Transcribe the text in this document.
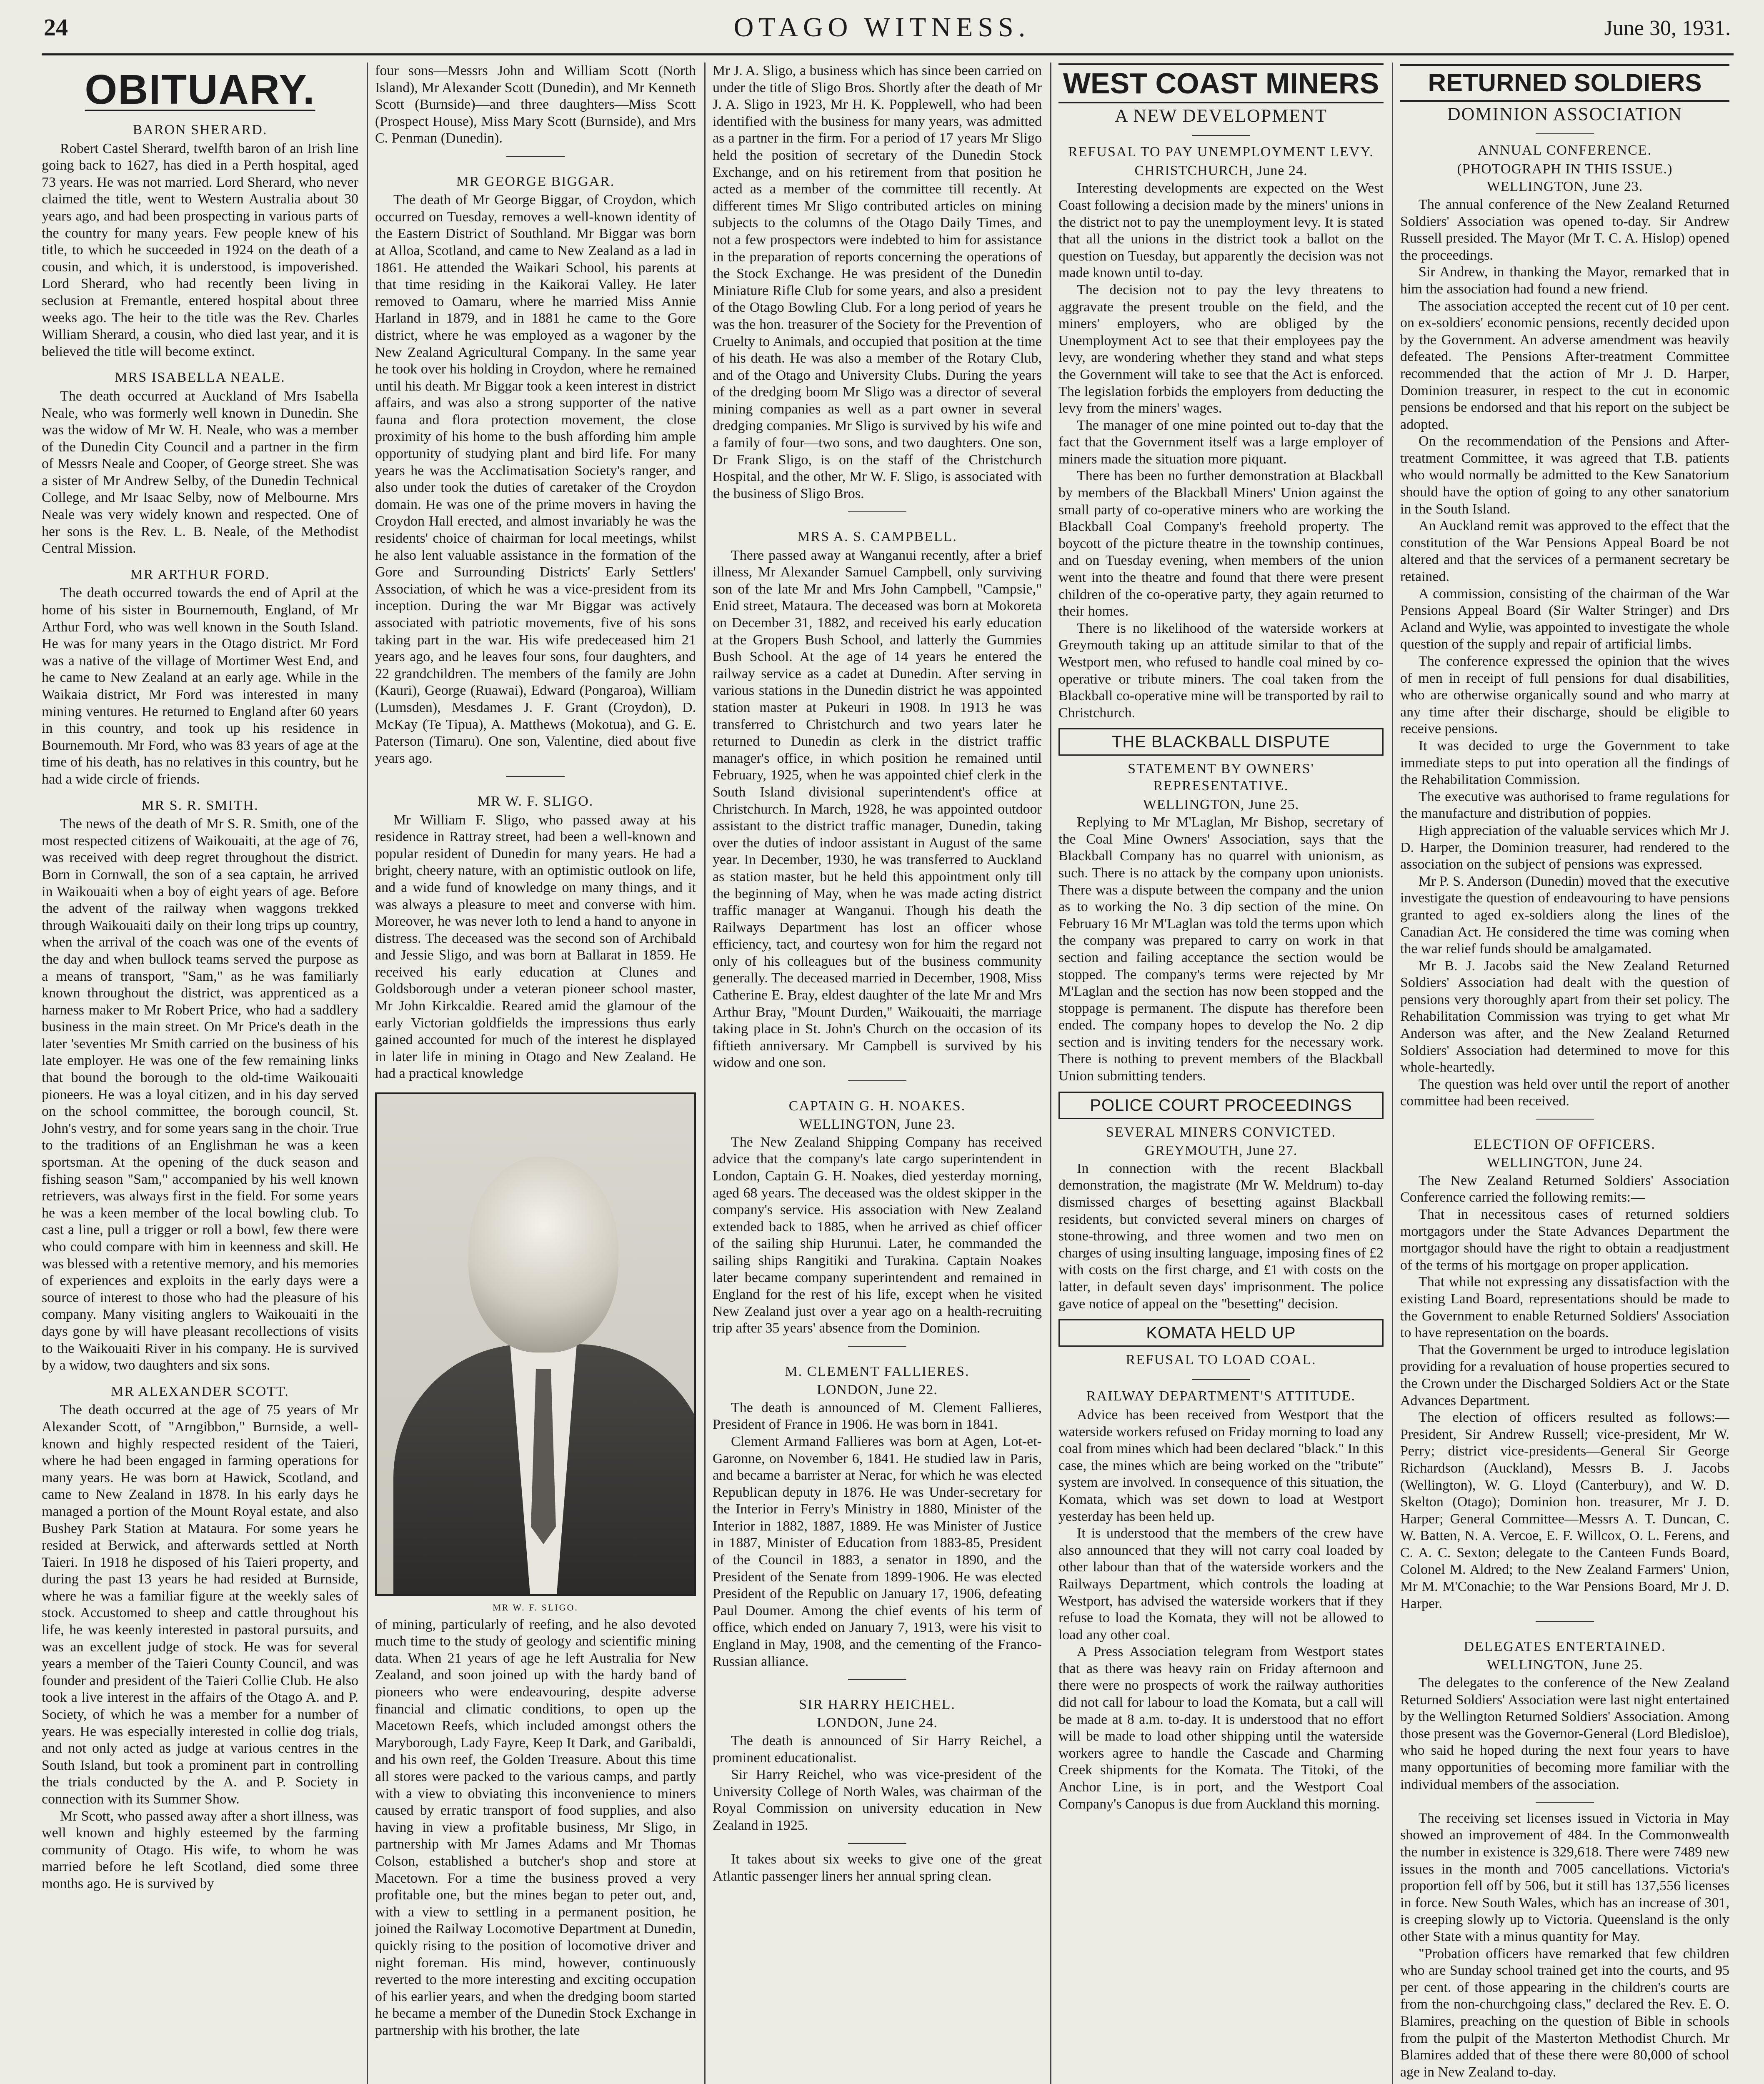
24	OTAGO WITNESS.	June 30, 1931.
OBITUARY.
BARON SHERARD.

Robert Castel Sherard, twelfth baron of an Irish line going back to 1627, has died in a Perth hospital, aged 73 years. He was not married. Lord Sherard, who never claimed the title, went to Western Australia about 30 years ago, and had been prospecting in various parts of the country for many years. Few people knew of his title, to which he succeeded in 1924 on the death of a cousin, and which, it is understood, is impoverished. Lord Sherard, who had recently been living in seclusion at Fremantle, entered hospital about three weeks ago. The heir to the title was the Rev. Charles William Sherard, a cousin, who died last year, and it is believed the title will become extinct.

MRS ISABELLA NEALE.

The death occurred at Auckland of Mrs Isabella Neale, who was formerly well known in Dunedin. She was the widow of Mr W. H. Neale, who was a member of the Dunedin City Council and a partner in the firm of Messrs Neale and Cooper, of George street. She was a sister of Mr Andrew Selby, of the Dunedin Technical College, and Mr Isaac Selby, now of Melbourne. Mrs Neale was very widely known and respected. One of her sons is the Rev. L. B. Neale, of the Methodist Central Mission.

MR ARTHUR FORD.

The death occurred towards the end of April at the home of his sister in Bournemouth, England, of Mr Arthur Ford, who was well known in the South Island. He was for many years in the Otago district. Mr Ford was a native of the village of Mortimer West End, and he came to New Zealand at an early age. While in the Waikaia district, Mr Ford was interested in many mining ventures. He returned to England after 60 years in this country, and took up his residence in Bournemouth. Mr Ford, who was 83 years of age at the time of his death, has no relatives in this country, but he had a wide circle of friends.

MR S. R. SMITH.

The news of the death of Mr S. R. Smith, one of the most respected citizens of Waikouaiti, at the age of 76, was received with deep regret throughout the district. Born in Cornwall, the son of a sea captain, he arrived in Waikouaiti when a boy of eight years of age. Before the advent of the railway when waggons trekked through Waikouaiti daily on their long trips up country, when the arrival of the coach was one of the events of the day and when bullock teams served the purpose as a means of transport, "Sam," as he was familiarly known throughout the district, was apprenticed as a harness maker to Mr Robert Price, who had a saddlery business in the main street. On Mr Price's death in the later 'seventies Mr Smith carried on the business of his late employer. He was one of the few remaining links that bound the borough to the old-time Waikouaiti pioneers. He was a loyal citizen, and in his day served on the school committee, the borough council, St. John's vestry, and for some years sang in the choir. True to the traditions of an Englishman he was a keen sportsman. At the opening of the duck season and fishing season "Sam," accompanied by his well known retrievers, was always first in the field. For some years he was a keen member of the local bowling club. To cast a line, pull a trigger or roll a bowl, few there were who could compare with him in keenness and skill. He was blessed with a retentive memory, and his memories of experiences and exploits in the early days were a source of interest to those who had the pleasure of his company. Many visiting anglers to Waikouaiti in the days gone by will have pleasant recollections of visits to the Waikouaiti River in his company. He is survived by a widow, two daughters and six sons.

MR ALEXANDER SCOTT.

The death occurred at the age of 75 years of Mr Alexander Scott, of "Arngibbon," Burnside, a well-known and highly respected resident of the Taieri, where he had been engaged in farming operations for many years. He was born at Hawick, Scotland, and came to New Zealand in 1878. In his early days he managed a portion of the Mount Royal estate, and also Bushey Park Station at Mataura. For some years he resided at Berwick, and afterwards settled at North Taieri. In 1918 he disposed of his Taieri property, and during the past 13 years he had resided at Burnside, where he was a familiar figure at the weekly sales of stock. Accustomed to sheep and cattle throughout his life, he was keenly interested in pastoral pursuits, and was an excellent judge of stock. He was for several years a member of the Taieri County Council, and was founder and president of the Taieri Collie Club. He also took a live interest in the affairs of the Otago A. and P. Society, of which he was a member for a number of years. He was especially interested in collie dog trials, and not only acted as judge at various centres in the South Island, but took a prominent part in controlling the trials conducted by the A. and P. Society in connection with its Summer Show.

Mr Scott, who passed away after a short illness, was well known and highly esteemed by the farming community of Otago. His wife, to whom he was married before he left Scotland, died some three months ago. He is survived by

four sons—Messrs John and William Scott (North Island), Mr Alexander Scott (Dunedin), and Mr Kenneth Scott (Burnside)—and three daughters—Miss Scott (Prospect House), Miss Mary Scott (Burnside), and Mrs C. Penman (Dunedin).

MR GEORGE BIGGAR.

The death of Mr George Biggar, of Croydon, which occurred on Tuesday, removes a well-known identity of the Eastern District of Southland. Mr Biggar was born at Alloa, Scotland, and came to New Zealand as a lad in 1861. He attended the Waikari School, his parents at that time residing in the Kaikorai Valley. He later removed to Oamaru, where he married Miss Annie Harland in 1879, and in 1881 he came to the Gore district, where he was employed as a wagoner by the New Zealand Agricultural Company. In the same year he took over his holding in Croydon, where he remained until his death. Mr Biggar took a keen interest in district affairs, and was also a strong supporter of the native fauna and flora protection movement, the close proximity of his home to the bush affording him ample opportunity of studying plant and bird life. For many years he was the Acclimatisation Society's ranger, and also under took the duties of caretaker of the Croydon domain. He was one of the prime movers in having the Croydon Hall erected, and almost invariably he was the residents' choice of chairman for local meetings, whilst he also lent valuable assistance in the formation of the Gore and Surrounding Districts' Early Settlers' Association, of which he was a vice-president from its inception. During the war Mr Biggar was actively associated with patriotic movements, five of his sons taking part in the war. His wife predeceased him 21 years ago, and he leaves four sons, four daughters, and 22 grandchildren. The members of the family are John (Kauri), George (Ruawai), Edward (Pongaroa), William (Lumsden), Mesdames J. F. Grant (Croydon), D. McKay (Te Tipua), A. Matthews (Mokotua), and G. E. Paterson (Timaru). One son, Valentine, died about five years ago.

MR W. F. SLIGO.

Mr William F. Sligo, who passed away at his residence in Rattray street, had been a well-known and popular resident of Dunedin for many years. He had a bright, cheery nature, with an optimistic outlook on life, and a wide fund of knowledge on many things, and it was always a pleasure to meet and converse with him. Moreover, he was never loth to lend a hand to anyone in distress. The deceased was the second son of Archibald and Jessie Sligo, and was born at Ballarat in 1859. He received his early education at Clunes and Goldsborough under a veteran pioneer school master, Mr John Kirkcaldie. Reared amid the glamour of the early Victorian goldfields the impressions thus early gained accounted for much of the interest he displayed in later life in mining in Otago and New Zealand. He had a practical knowledge

MR W. F. SLIGO.

of mining, particularly of reefing, and he also devoted much time to the study of geology and scientific mining data. When 21 years of age he left Australia for New Zealand, and soon joined up with the hardy band of pioneers who were endeavouring, despite adverse financial and climatic conditions, to open up the Macetown Reefs, which included amongst others the Maryborough, Lady Fayre, Keep It Dark, and Garibaldi, and his own reef, the Golden Treasure. About this time all stores were packed to the various camps, and partly with a view to obviating this inconvenience to miners caused by erratic transport of food supplies, and also having in view a profitable business, Mr Sligo, in partnership with Mr James Adams and Mr Thomas Colson, established a butcher's shop and store at Macetown. For a time the business proved a very profitable one, but the mines began to peter out, and, with a view to settling in a permanent position, he joined the Railway Locomotive Department at Dunedin, quickly rising to the position of locomotive driver and night foreman. His mind, however, continuously reverted to the more interesting and exciting occupation of his earlier years, and when the dredging boom started he became a member of the Dunedin Stock Exchange in partnership with his brother, the late

Mr J. A. Sligo, a business which has since been carried on under the title of Sligo Bros. Shortly after the death of Mr J. A. Sligo in 1923, Mr H. K. Popplewell, who had been identified with the business for many years, was admitted as a partner in the firm. For a period of 17 years Mr Sligo held the position of secretary of the Dunedin Stock Exchange, and on his retirement from that position he acted as a member of the committee till recently. At different times Mr Sligo contributed articles on mining subjects to the columns of the Otago Daily Times, and not a few prospectors were indebted to him for assistance in the preparation of reports concerning the operations of the Stock Exchange. He was president of the Dunedin Miniature Rifle Club for some years, and also a president of the Otago Bowling Club. For a long period of years he was the hon. treasurer of the Society for the Prevention of Cruelty to Animals, and occupied that position at the time of his death. He was also a member of the Rotary Club, and of the Otago and University Clubs. During the years of the dredging boom Mr Sligo was a director of several mining companies as well as a part owner in several dredging companies. Mr Sligo is survived by his wife and a family of four—two sons, and two daughters. One son, Dr Frank Sligo, is on the staff of the Christchurch Hospital, and the other, Mr W. F. Sligo, is associated with the business of Sligo Bros.

MRS A. S. CAMPBELL.

There passed away at Wanganui recently, after a brief illness, Mr Alexander Samuel Campbell, only surviving son of the late Mr and Mrs John Campbell, "Campsie," Enid street, Mataura. The deceased was born at Mokoreta on December 31, 1882, and received his early education at the Gropers Bush School, and latterly the Gummies Bush School. At the age of 14 years he entered the railway service as a cadet at Dunedin. After serving in various stations in the Dunedin district he was appointed station master at Pukeuri in 1908. In 1913 he was transferred to Christchurch and two years later he returned to Dunedin as clerk in the district traffic manager's office, in which position he remained until February, 1925, when he was appointed chief clerk in the South Island divisional superintendent's office at Christchurch. In March, 1928, he was appointed outdoor assistant to the district traffic manager, Dunedin, taking over the duties of indoor assistant in August of the same year. In December, 1930, he was transferred to Auckland as station master, but he held this appointment only till the beginning of May, when he was made acting district traffic manager at Wanganui. Though his death the Railways Department has lost an officer whose efficiency, tact, and courtesy won for him the regard not only of his colleagues but of the business community generally. The deceased married in December, 1908, Miss Catherine E. Bray, eldest daughter of the late Mr and Mrs Arthur Bray, "Mount Durden," Waikouaiti, the marriage taking place in St. John's Church on the occasion of its fiftieth anniversary. Mr Campbell is survived by his widow and one son.

CAPTAIN G. H. NOAKES.
WELLINGTON, June 23.

The New Zealand Shipping Company has received advice that the company's late cargo superintendent in London, Captain G. H. Noakes, died yesterday morning, aged 68 years. The deceased was the oldest skipper in the company's service. His association with New Zealand extended back to 1885, when he arrived as chief officer of the sailing ship Hurunui. Later, he commanded the sailing ships Rangitiki and Turakina. Captain Noakes later became company superintendent and remained in England for the rest of his life, except when he visited New Zealand just over a year ago on a health-recruiting trip after 35 years' absence from the Dominion.

M. CLEMENT FALLIERES.
LONDON, June 22.

The death is announced of M. Clement Fallieres, President of France in 1906. He was born in 1841.

Clement Armand Fallieres was born at Agen, Lot-et-Garonne, on November 6, 1841. He studied law in Paris, and became a barrister at Nerac, for which he was elected Republican deputy in 1876. He was Under-secretary for the Interior in Ferry's Ministry in 1880, Minister of the Interior in 1882, 1887, 1889. He was Minister of Justice in 1887, Minister of Education from 1883-85, President of the Council in 1883, a senator in 1890, and the President of the Senate from 1899-1906. He was elected President of the Republic on January 17, 1906, defeating Paul Doumer. Among the chief events of his term of office, which ended on January 7, 1913, were his visit to England in May, 1908, and the cementing of the Franco-Russian alliance.

SIR HARRY HEICHEL.
LONDON, June 24.

The death is announced of Sir Harry Reichel, a prominent educationalist.

Sir Harry Reichel, who was vice-president of the University College of North Wales, was chairman of the Royal Commission on university education in New Zealand in 1925.

It takes about six weeks to give one of the great Atlantic passenger liners her annual spring clean.

WEST COAST MINERS
A NEW DEVELOPMENT
REFUSAL TO PAY UNEMPLOYMENT LEVY.
CHRISTCHURCH, June 24.

Interesting developments are expected on the West Coast following a decision made by the miners' unions in the district not to pay the unemployment levy. It is stated that all the unions in the district took a ballot on the question on Tuesday, but apparently the decision was not made known until to-day.

The decision not to pay the levy threatens to aggravate the present trouble on the field, and the miners' employers, who are obliged by the Unemployment Act to see that their employees pay the levy, are wondering whether they stand and what steps the Government will take to see that the Act is enforced. The legislation forbids the employers from deducting the levy from the miners' wages.

The manager of one mine pointed out to-day that the fact that the Government itself was a large employer of miners made the situation more piquant.

There has been no further demonstration at Blackball by members of the Blackball Miners' Union against the small party of co-operative miners who are working the Blackball Coal Company's freehold property. The boycott of the picture theatre in the township continues, and on Tuesday evening, when members of the union went into the theatre and found that there were present children of the co-operative party, they again returned to their homes.

There is no likelihood of the waterside workers at Greymouth taking up an attitude similar to that of the Westport men, who refused to handle coal mined by co-operative or tribute miners. The coal taken from the Blackball co-operative mine will be transported by rail to Christchurch.

THE BLACKBALL DISPUTE
STATEMENT BY OWNERS' REPRESENTATIVE.
WELLINGTON, June 25.

Replying to Mr M'Laglan, Mr Bishop, secretary of the Coal Mine Owners' Association, says that the Blackball Company has no quarrel with unionism, as such. There is no attack by the company upon unionists. There was a dispute between the company and the union as to working the No. 3 dip section of the mine. On February 16 Mr M'Laglan was told the terms upon which the company was prepared to carry on work in that section and failing acceptance the section would be stopped. The company's terms were rejected by Mr M'Laglan and the section has now been stopped and the stoppage is permanent. The dispute has therefore been ended. The company hopes to develop the No. 2 dip section and is inviting tenders for the necessary work. There is nothing to prevent members of the Blackball Union submitting tenders.

POLICE COURT PROCEEDINGS
SEVERAL MINERS CONVICTED.
GREYMOUTH, June 27.

In connection with the recent Blackball demonstration, the magistrate (Mr W. Meldrum) to-day dismissed charges of besetting against Blackball residents, but convicted several miners on charges of stone-throwing, and three women and two men on charges of using insulting language, imposing fines of £2 with costs on the first charge, and £1 with costs on the latter, in default seven days' imprisonment. The police gave notice of appeal on the "besetting" decision.

KOMATA HELD UP
REFUSAL TO LOAD COAL.
RAILWAY DEPARTMENT'S ATTITUDE.

Advice has been received from Westport that the waterside workers refused on Friday morning to load any coal from mines which had been declared "black." In this case, the mines which are being worked on the "tribute" system are involved. In consequence of this situation, the Komata, which was set down to load at Westport yesterday has been held up.

It is understood that the members of the crew have also announced that they will not carry coal loaded by other labour than that of the waterside workers and the Railways Department, which controls the loading at Westport, has advised the waterside workers that if they refuse to load the Komata, they will not be allowed to load any other coal.

A Press Association telegram from Westport states that as there was heavy rain on Friday afternoon and there were no prospects of work the railway authorities did not call for labour to load the Komata, but a call will be made at 8 a.m. to-day. It is understood that no effort will be made to load other shipping until the waterside workers agree to handle the Cascade and Charming Creek shipments for the Komata. The Titoki, of the Anchor Line, is in port, and the Westport Coal Company's Canopus is due from Auckland this morning.

RETURNED SOLDIERS
DOMINION ASSOCIATION
ANNUAL CONFERENCE.
(PHOTOGRAPH IN THIS ISSUE.)
WELLINGTON, June 23.

The annual conference of the New Zealand Returned Soldiers' Association was opened to-day. Sir Andrew Russell presided. The Mayor (Mr T. C. A. Hislop) opened the proceedings.

Sir Andrew, in thanking the Mayor, remarked that in him the association had found a new friend.

The association accepted the recent cut of 10 per cent. on ex-soldiers' economic pensions, recently decided upon by the Government. An adverse amendment was heavily defeated. The Pensions After-treatment Committee recommended that the action of Mr J. D. Harper, Dominion treasurer, in respect to the cut in economic pensions be endorsed and that his report on the subject be adopted.

On the recommendation of the Pensions and After-treatment Committee, it was agreed that T.B. patients who would normally be admitted to the Kew Sanatorium should have the option of going to any other sanatorium in the South Island.

An Auckland remit was approved to the effect that the constitution of the War Pensions Appeal Board be not altered and that the services of a permanent secretary be retained.

A commission, consisting of the chairman of the War Pensions Appeal Board (Sir Walter Stringer) and Drs Acland and Wylie, was appointed to investigate the whole question of the supply and repair of artificial limbs.

The conference expressed the opinion that the wives of men in receipt of full pensions for dual disabilities, who are otherwise organically sound and who marry at any time after their discharge, should be eligible to receive pensions.

It was decided to urge the Government to take immediate steps to put into operation all the findings of the Rehabilitation Commission.

The executive was authorised to frame regulations for the manufacture and distribution of poppies.

High appreciation of the valuable services which Mr J. D. Harper, the Dominion treasurer, had rendered to the association on the subject of pensions was expressed.

Mr P. S. Anderson (Dunedin) moved that the executive investigate the question of endeavouring to have pensions granted to aged ex-soldiers along the lines of the Canadian Act. He considered the time was coming when the war relief funds should be amalgamated.

Mr B. J. Jacobs said the New Zealand Returned Soldiers' Association had dealt with the question of pensions very thoroughly apart from their set policy. The Rehabilitation Commission was trying to get what Mr Anderson was after, and the New Zealand Returned Soldiers' Association had determined to move for this whole-heartedly.

The question was held over until the report of another committee had been received.

ELECTION OF OFFICERS.
WELLINGTON, June 24.

The New Zealand Returned Soldiers' Association Conference carried the following remits:—

That in necessitous cases of returned soldiers mortgagors under the State Advances Department the mortgagor should have the right to obtain a readjustment of the terms of his mortgage on proper application.

That while not expressing any dissatisfaction with the existing Land Board, representations should be made to the Government to enable Returned Soldiers' Association to have representation on the boards.

That the Government be urged to introduce legislation providing for a revaluation of house properties secured to the Crown under the Discharged Soldiers Act or the State Advances Department.

The election of officers resulted as follows:—President, Sir Andrew Russell; vice-president, Mr W. Perry; district vice-presidents—General Sir George Richardson (Auckland), Messrs B. J. Jacobs (Wellington), W. G. Lloyd (Canterbury), and W. D. Skelton (Otago); Dominion hon. treasurer, Mr J. D. Harper; General Committee—Messrs A. T. Duncan, C. W. Batten, N. A. Vercoe, E. F. Willcox, O. L. Ferens, and C. A. C. Sexton; delegate to the Canteen Funds Board, Colonel M. Aldred; to the New Zealand Farmers' Union, Mr M. M'Conachie; to the War Pensions Board, Mr J. D. Harper.

DELEGATES ENTERTAINED.
WELLINGTON, June 25.

The delegates to the conference of the New Zealand Returned Soldiers' Association were last night entertained by the Wellington Returned Soldiers' Association. Among those present was the Governor-General (Lord Bledisloe), who said he hoped during the next four years to have many opportunities of becoming more familiar with the individual members of the association.

The receiving set licenses issued in Victoria in May showed an improvement of 484. In the Commonwealth the number in existence is 329,618. There were 7489 new issues in the month and 7005 cancellations. Victoria's proportion fell off by 506, but it still has 137,556 licenses in force. New South Wales, which has an increase of 301, is creeping slowly up to Victoria. Queensland is the only other State with a minus quantity for May.

"Probation officers have remarked that few children who are Sunday school trained get into the courts, and 95 per cent. of those appearing in the children's courts are from the non-churchgoing class," declared the Rev. E. O. Blamires, preaching on the question of Bible in schools from the pulpit of the Masterton Methodist Church. Mr Blamires added that of these there were 80,000 of school age in New Zealand to-day.
